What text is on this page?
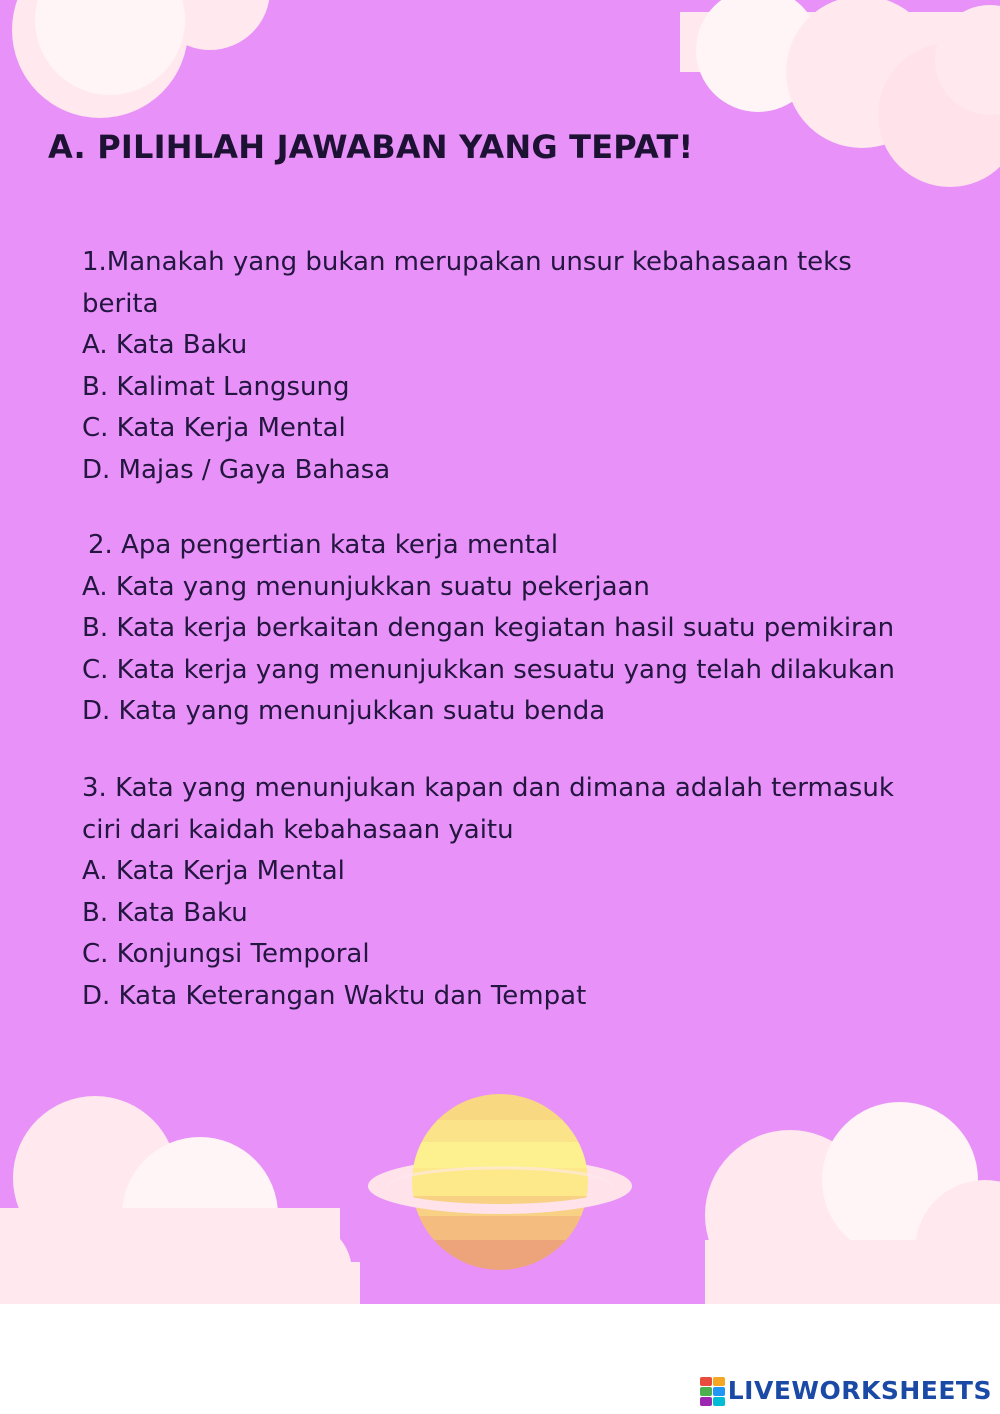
A. PILIHLAH JAWABAN YANG TEPAT!

1.Manakah yang bukan merupakan unsur kebahasaan teks

berita

A. Kata Baku

B. Kalimat Langsung

C. Kata Kerja Mental

D. Majas / Gaya Bahasa

2. Apa pengertian kata kerja mental

A. Kata yang menunjukkan suatu pekerjaan

B. Kata kerja berkaitan dengan kegiatan hasil suatu pemikiran

C. Kata kerja yang menunjukkan sesuatu yang telah dilakukan

D. Kata yang menunjukkan suatu benda

3. Kata yang menunjukan kapan dan dimana adalah termasuk

ciri dari kaidah kebahasaan yaitu

A. Kata Kerja Mental

B. Kata Baku

C. Konjungsi Temporal

D. Kata Keterangan Waktu dan Tempat

LIVEWORKSHEETS
